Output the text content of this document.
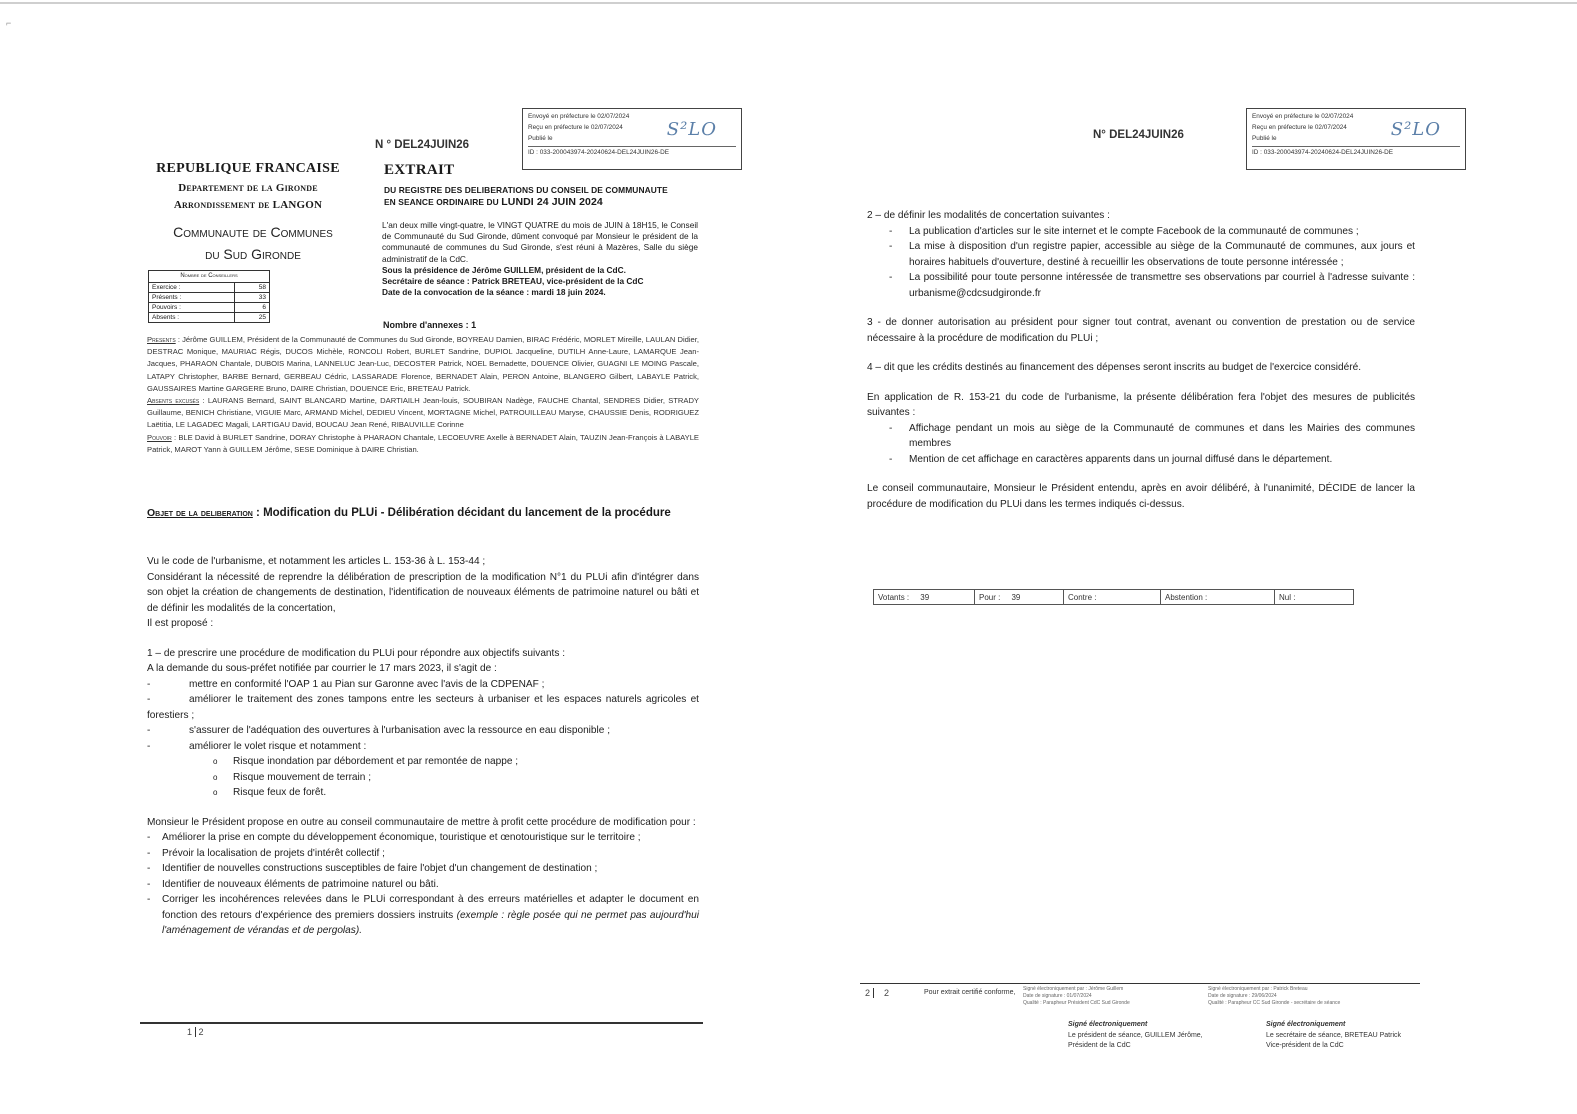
⌐
N ° DEL24JUIN26
Envoyé en préfecture le 02/07/2024
Reçu en préfecture le 02/07/2024
Publié le
ID : 033-200043974-20240624-DEL24JUIN26-DE
S²LO
REPUBLIQUE FRANCAISE
Departement de la Gironde
Arrondissement de LANGON
Communaute de Communes
du Sud Gironde
Nombre de Conseillers	
Exercice :	58
Présents :	33
Pouvoirs :	6
Absents :	25
EXTRAIT
DU REGISTRE DES DELIBERATIONS DU CONSEIL DE COMMUNAUTE
EN SEANCE ORDINAIRE DU LUNDI 24 JUIN 2024

L'an deux mille vingt-quatre, le VINGT QUATRE du mois de JUIN à 18H15, le Conseil de Communauté du Sud Gironde, dûment convoqué par Monsieur le président de la communauté de communes du Sud Gironde, s'est réuni à Mazères, Salle du siège administratif de la CdC.

Sous la présidence de Jérôme GUILLEM, président de la CdC.

Secrétaire de séance : Patrick BRETEAU, vice-président de la CdC

Date de la convocation de la séance : mardi 18 juin 2024.

Nombre d'annexes : 1

Presents : Jérôme GUILLEM, Président de la Communauté de Communes du Sud Gironde, BOYREAU Damien, BIRAC Frédéric, MORLET Mireille, LAULAN Didier, DESTRAC Monique, MAURIAC Régis, DUCOS Michèle, RONCOLI Robert, BURLET Sandrine, DUPIOL Jacqueline, DUTILH Anne-Laure, LAMARQUE Jean-Jacques, PHARAON Chantale, DUBOIS Marina, LANNELUC Jean-Luc, DECOSTER Patrick, NOEL Bernadette, DOUENCE Olivier, GUAGNI LE MOING Pascale, LATAPY Christopher, BARBE Bernard, GERBEAU Cédric, LASSARADE Florence, BERNADET Alain, PERON Antoine, BLANGERO Gilbert, LABAYLE Patrick, GAUSSAIRES Martine GARGERE Bruno, DAIRE Christian, DOUENCE Eric, BRETEAU Patrick.

Absents excusés : LAURANS Bernard, SAINT BLANCARD Martine, DARTIAILH Jean-louis, SOUBIRAN Nadège, FAUCHE Chantal, SENDRES Didier, STRADY Guillaume, BENICH Christiane, VIGUIE Marc, ARMAND Michel, DEDIEU Vincent, MORTAGNE Michel, PATROUILLEAU Maryse, CHAUSSIE Denis, RODRIGUEZ Laëtitia, LE LAGADEC Magali, LARTIGAU David, BOUCAU Jean René, RIBAUVILLE Corinne

Pouvoir : BLE David à BURLET Sandrine, DORAY Christophe à PHARAON Chantale, LECOEUVRE Axelle à BERNADET Alain, TAUZIN Jean-François à LABAYLE Patrick, MAROT Yann à GUILLEM Jérôme, SESE Dominique à DAIRE Christian.

Objet de la deliberation : Modification du PLUi - Délibération décidant du lancement de la procédure

Vu le code de l'urbanisme, et notamment les articles L. 153-36 à L. 153-44 ;

Considérant la nécessité de reprendre la délibération de prescription de la modification N°1 du PLUi afin d'intégrer dans son objet la création de changements de destination, l'identification de nouveaux éléments de patrimoine naturel ou bâti et de définir les modalités de la concertation,

Il est proposé :

1 – de prescrire une procédure de modification du PLUi pour répondre aux objectifs suivants :

A la demande du sous-préfet notifiée par courrier le 17 mars 2023, il s'agit de :

-	mettre en conformité l'OAP 1 au Pian sur Garonne avec l'avis de la CDPENAF ;

-	améliorer le traitement des zones tampons entre les secteurs à urbaniser et les espaces naturels agricoles et forestiers ;

-	s'assurer de l'adéquation des ouvertures à l'urbanisation avec la ressource en eau disponible ;

-	améliorer le volet risque et notamment :

o Risque inondation par débordement et par remontée de nappe ;

o Risque mouvement de terrain ;

o Risque feux de forêt.

Monsieur le Président propose en outre au conseil communautaire de mettre à profit cette procédure de modification pour :

- Améliorer la prise en compte du développement économique, touristique et œnotouristique sur le territoire ;

- Prévoir la localisation de projets d'intérêt collectif ;

- Identifier de nouvelles constructions susceptibles de faire l'objet d'un changement de destination ;

- Identifier de nouveaux éléments de patrimoine naturel ou bâti.

- Corriger les incohérences relevées dans le PLUi correspondant à des erreurs matérielles et adapter le document en fonction des retours d'expérience des premiers dossiers instruits (exemple : règle posée qui ne permet pas aujourd'hui l'aménagement de vérandas et de pergolas).

1 2
N° DEL24JUIN26
Envoyé en préfecture le 02/07/2024
Reçu en préfecture le 02/07/2024
Publié le
ID : 033-200043974-20240624-DEL24JUIN26-DE
S²LO

2 – de définir les modalités de concertation suivantes :

- La publication d'articles sur le site internet et le compte Facebook de la communauté de communes ;

- La mise à disposition d'un registre papier, accessible au siège de la Communauté de communes, aux jours et horaires habituels d'ouverture, destiné à recueillir les observations de toute personne intéressée ;

- La possibilité pour toute personne intéressée de transmettre ses observations par courriel à l'adresse suivante : urbanisme@cdcsudgironde.fr

3 - de donner autorisation au président pour signer tout contrat, avenant ou convention de prestation ou de service nécessaire à la procédure de modification du PLUi ;

4 – dit que les crédits destinés au financement des dépenses seront inscrits au budget de l'exercice considéré.

En application de R. 153-21 du code de l'urbanisme, la présente délibération fera l'objet des mesures de publicités suivantes :

- Affichage pendant un mois au siège de la Communauté de communes et dans les Mairies des communes membres

- Mention de cet affichage en caractères apparents dans un journal diffusé dans le département.

Le conseil communautaire, Monsieur le Président entendu, après en avoir délibéré, à l'unanimité, DÉCIDE de lancer la procédure de modification du PLUi dans les termes indiqués ci-dessus.

Votants : 39	Pour : 39	Contre :	Abstention :	Nul :
2 2	Pour extrait certifié conforme, Signé électroniquement par : Jérôme Guillem
Date de signature : 01/07/2024
Qualité : Parapheur Président CdC Sud Gironde
Signé électroniquement par : Patrick Breteau
Date de signature : 29/06/2024
Qualité : Parapheur CC Sud Gironde - secrétaire de séance
Signé électroniquement
Le président de séance, GUILLEM Jérôme,
Président de la CdC
Signé électroniquement
Le secrétaire de séance, BRETEAU Patrick
Vice-président de la CdC
